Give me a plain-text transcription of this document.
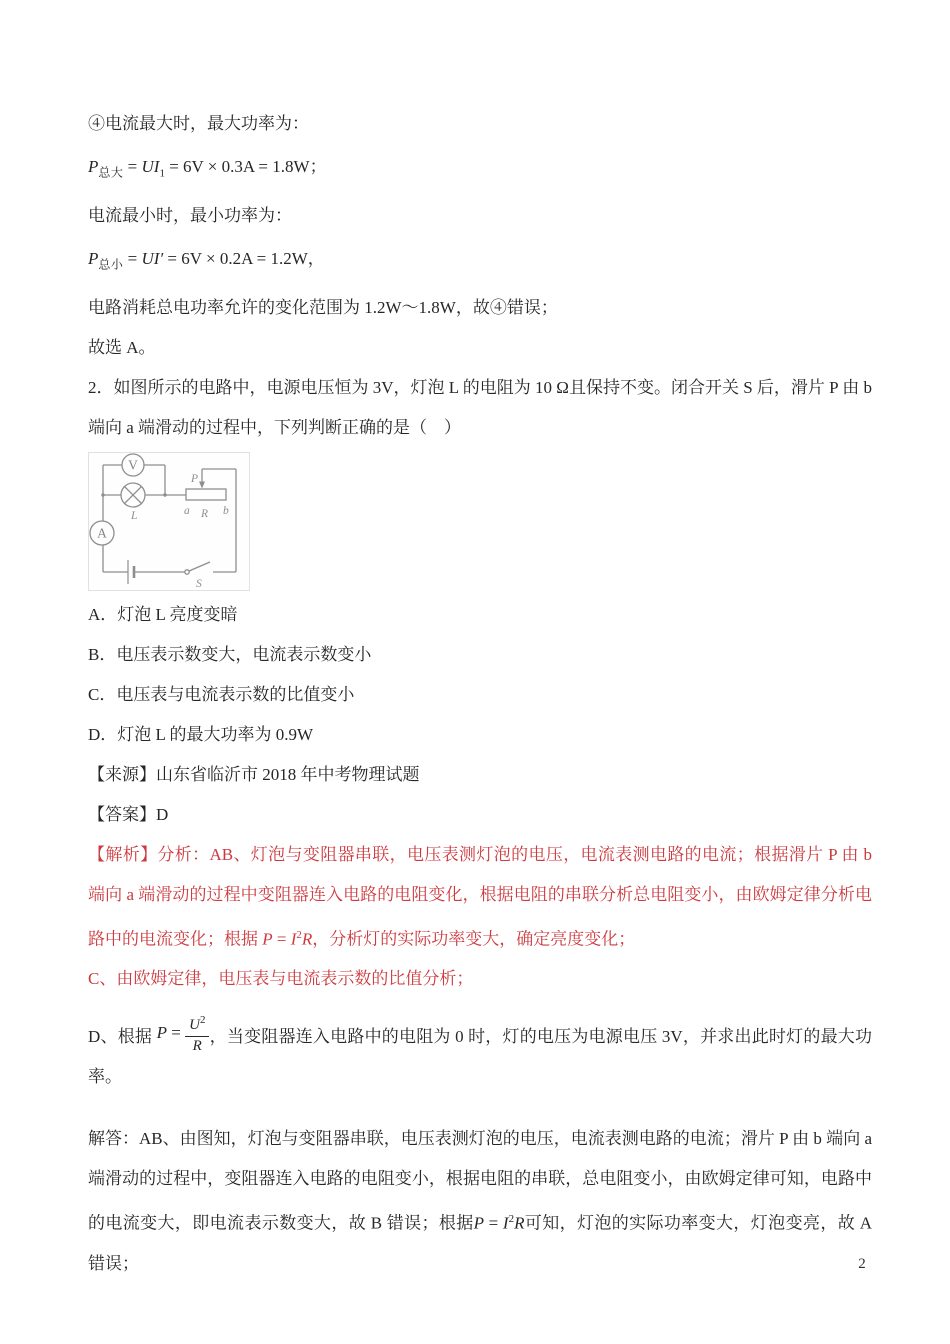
④电流最大时，最大功率为：

$P_{总大} = UI_1 = 6V \times 0.3A = 1.8W$；

电流最小时，最小功率为：

$P_{总小} = UI' = 6V \times 0.2A = 1.2W$，

电路消耗总电功率允许的变化范围为 1.2W～1.8W，故④错误；

故选 A。

2．如图所示的电路中，电源电压恒为 3V，灯泡 L 的电阻为 10 Ω且保持不变。闭合开关 S 后，滑片 P 由 b 端向 a 端滑动的过程中，下列判断正确的是（　）

V
A
L	a R b
P
S

A．灯泡 L 亮度变暗

B．电压表示数变大，电流表示数变小

C．电压表与电流表示数的比值变小

D．灯泡 L 的最大功率为 0.9W

【来源】山东省临沂市 2018 年中考物理试题

【答案】D

【解析】分析：AB、灯泡与变阻器串联，电压表测灯泡的电压，电流表测电路的电流；根据滑片 P 由 b 端向 a 端滑动的过程中变阻器连入电路的电阻变化，根据电阻的串联分析总电阻变小，由欧姆定律分析电路中的电流变化；根据 $P = I^2R$，分析灯的实际功率变大，确定亮度变化；

C、由欧姆定律，电压表与电流表示数的比值分析；

D、根据 $P = \frac{U^2}{R}$ ，当变阻器连入电路中的电阻为 0 时，灯的电压为电源电压 3V，并求出此时灯的最大功率。

解答：AB、由图知，灯泡与变阻器串联，电压表测灯泡的电压，电流表测电路的电流；滑片 P 由 b 端向 a 端滑动的过程中，变阻器连入电路的电阻变小，根据电阻的串联，总电阻变小，由欧姆定律可知，电路中的电流变大，即电流表示数变大，故 B 错误；根据$P = I^2R$可知，灯泡的实际功率变大，灯泡变亮，故 A 错误；	2
